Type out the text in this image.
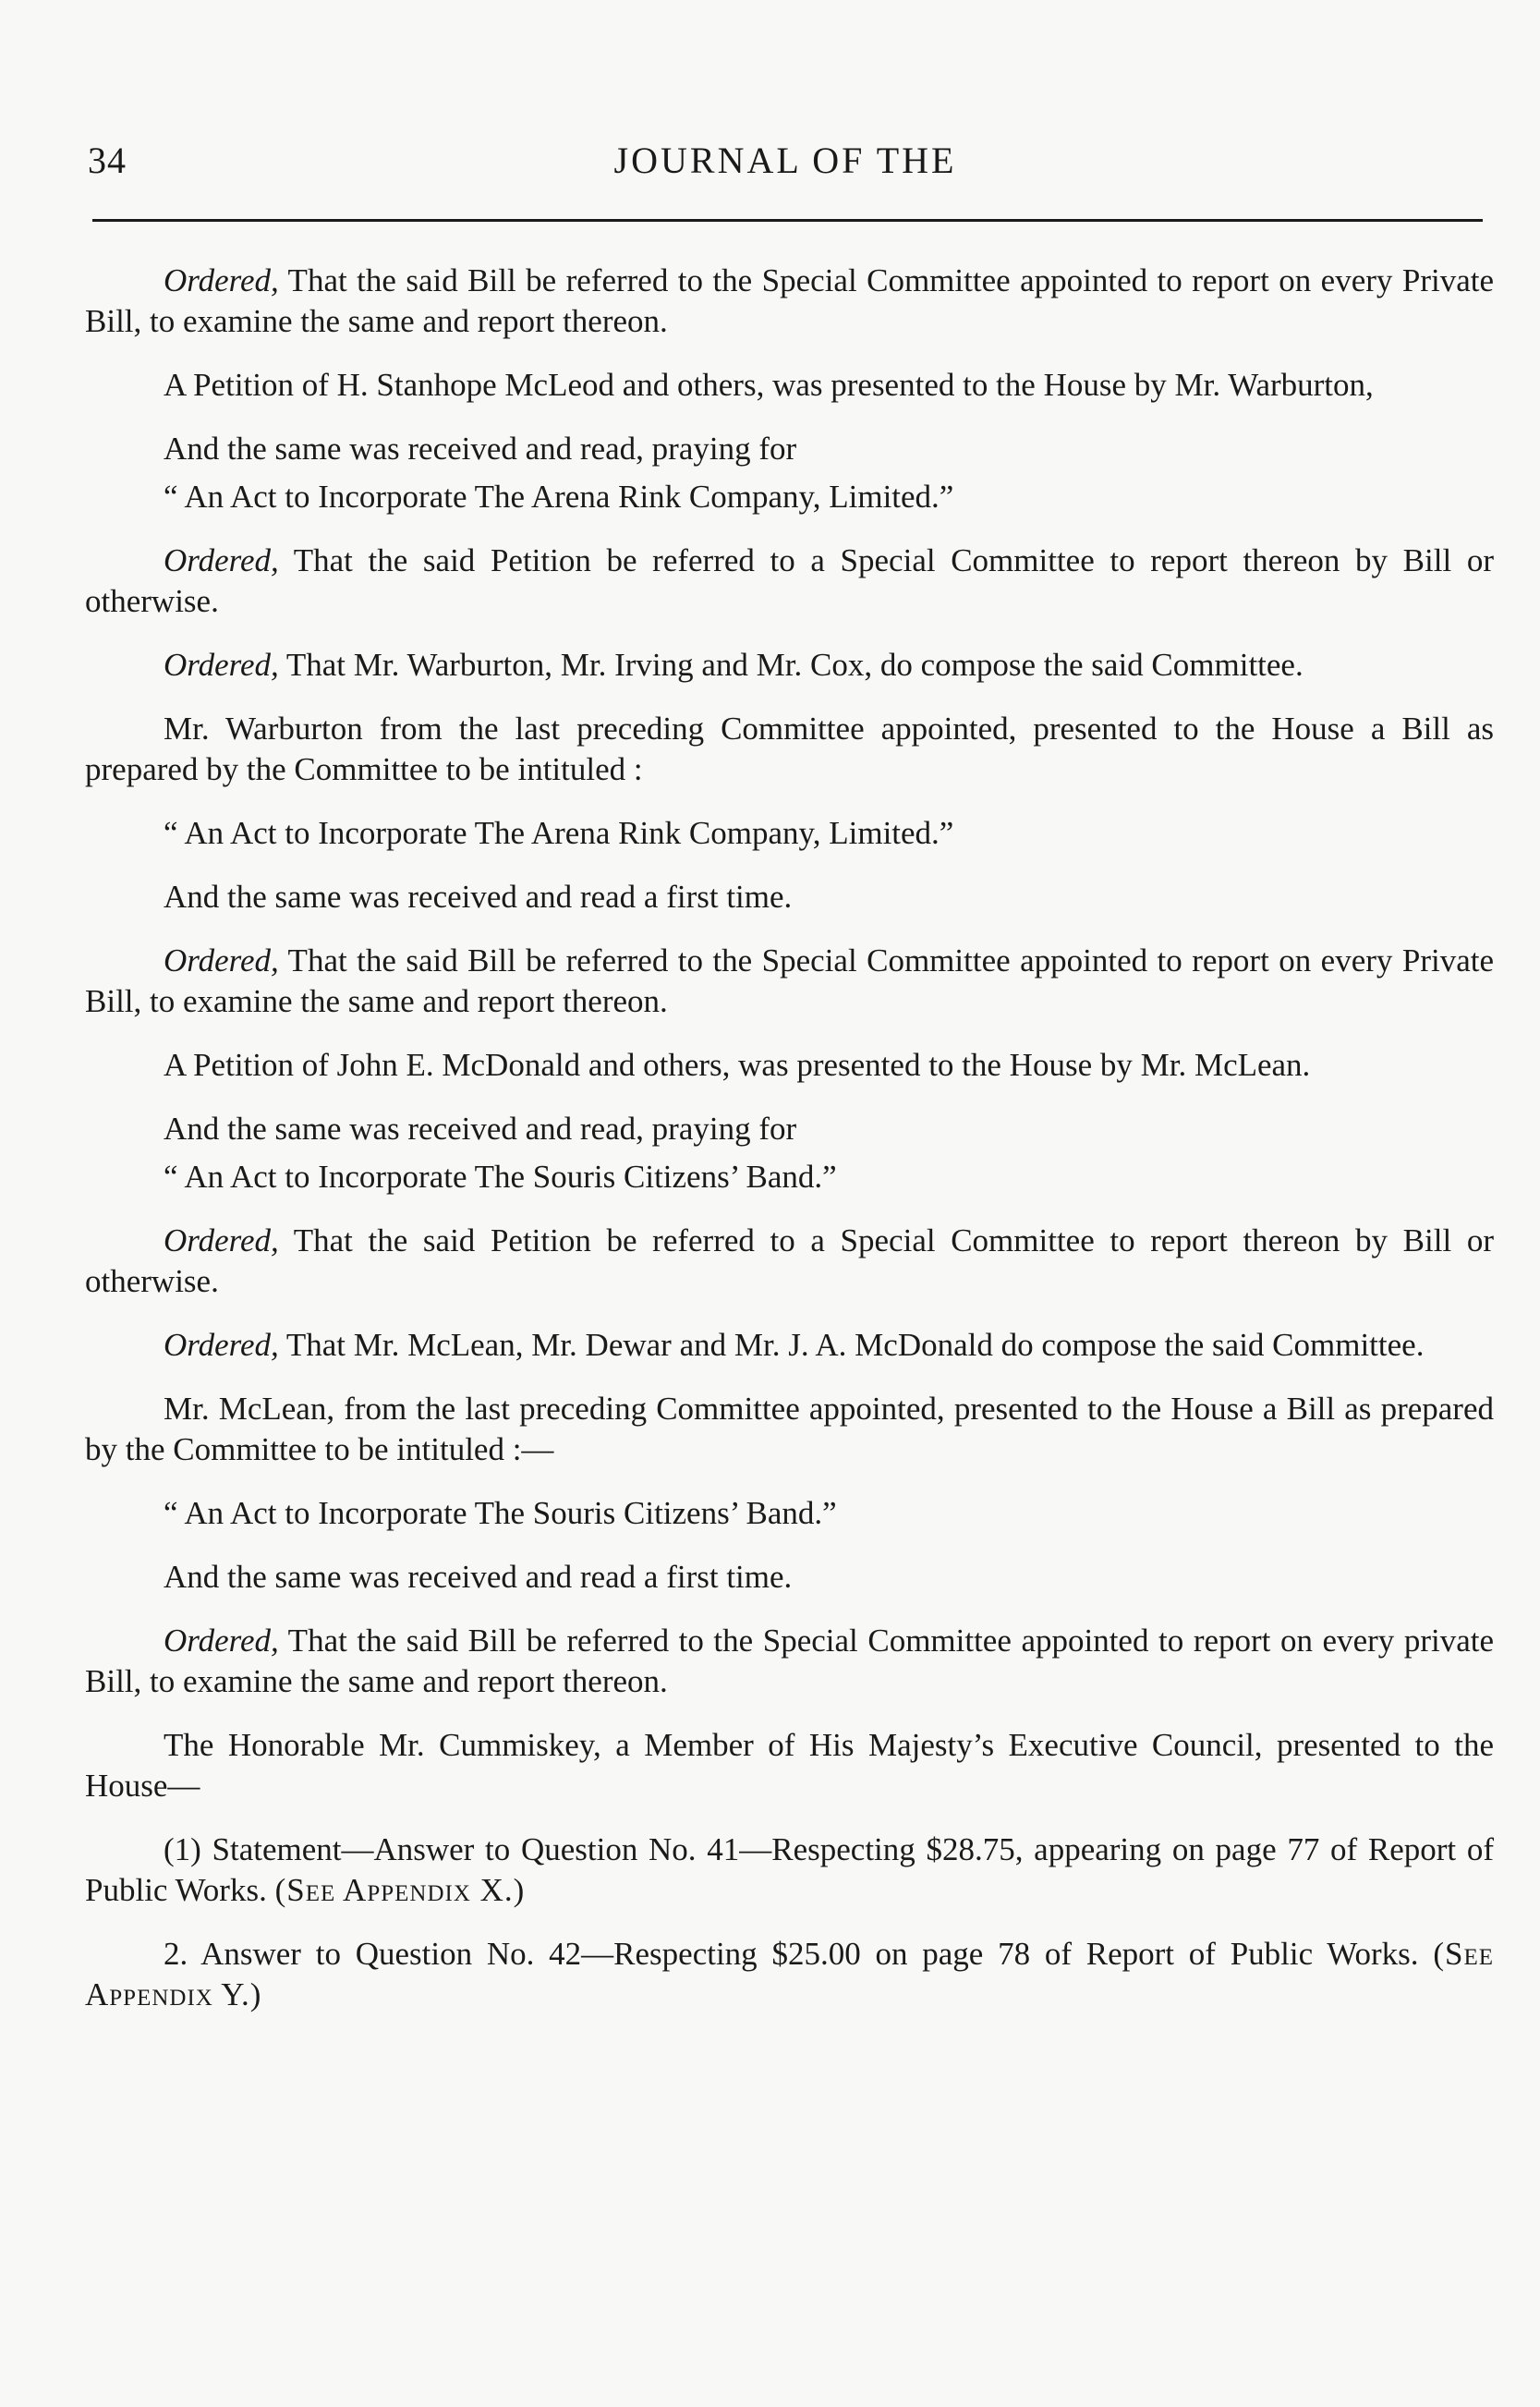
34	JOURNAL OF THE

Ordered, That the said Bill be referred to the Special Committee appointed to report on every Private Bill, to examine the same and report thereon.

A Petition of H. Stanhope McLeod and others, was presented to the House by Mr. Warburton,

And the same was received and read, praying for

“ An Act to Incorporate The Arena Rink Company, Limited.”

Ordered, That the said Petition be referred to a Special Committee to report thereon by Bill or otherwise.

Ordered, That Mr. Warburton, Mr. Irving and Mr. Cox, do compose the said Committee.

Mr. Warburton from the last preceding Committee appointed, presented to the House a Bill as prepared by the Committee to be intituled :

“ An Act to Incorporate The Arena Rink Company, Limited.”

And the same was received and read a first time.

Ordered, That the said Bill be referred to the Special Committee appointed to report on every Private Bill, to examine the same and report thereon.

A Petition of John E. McDonald and others, was presented to the House by Mr. McLean.

And the same was received and read, praying for

“ An Act to Incorporate The Souris Citizens’ Band.”

Ordered, That the said Petition be referred to a Special Committee to report thereon by Bill or otherwise.

Ordered, That Mr. McLean, Mr. Dewar and Mr. J. A. McDonald do compose the said Committee.

Mr. McLean, from the last preceding Committee appointed, presented to the House a Bill as prepared by the Committee to be intituled :—

“ An Act to Incorporate The Souris Citizens’ Band.”

And the same was received and read a first time.

Ordered, That the said Bill be referred to the Special Committee appointed to report on every private Bill, to examine the same and report thereon.

The Honorable Mr. Cummiskey, a Member of His Majesty’s Executive Council, presented to the House—

(1) Statement—Answer to Question No. 41—Respecting $28.75, appearing on page 77 of Report of Public Works. (See Appendix X.)

2. Answer to Question No. 42—Respecting $25.00 on page 78 of Report of Public Works. (See Appendix Y.)
